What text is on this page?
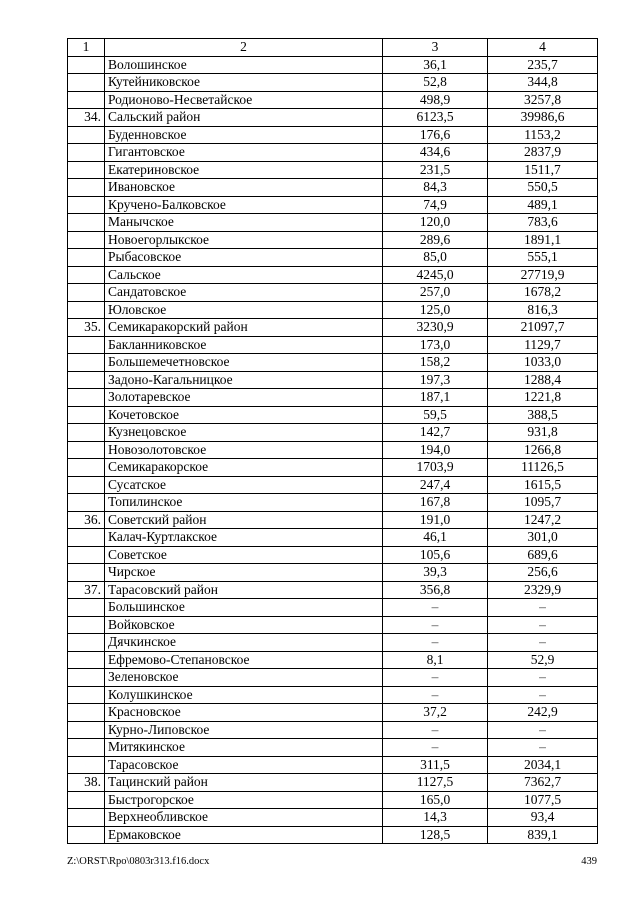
1	2	3	4
	Волошинское	36,1	235,7
	Кутейниковское	52,8	344,8
	Родионово-Несветайское	498,9	3257,8
34.	Сальский район	6123,5	39986,6
	Буденновское	176,6	1153,2
	Гигантовское	434,6	2837,9
	Екатериновское	231,5	1511,7
	Ивановское	84,3	550,5
	Кручено-Балковское	74,9	489,1
	Манычское	120,0	783,6
	Новоегорлыкское	289,6	1891,1
	Рыбасовское	85,0	555,1
	Сальское	4245,0	27719,9
	Сандатовское	257,0	1678,2
	Юловское	125,0	816,3
35.	Семикаракорский район	3230,9	21097,7
	Бакланниковское	173,0	1129,7
	Большемечетновское	158,2	1033,0
	Задоно-Кагальницкое	197,3	1288,4
	Золотаревское	187,1	1221,8
	Кочетовское	59,5	388,5
	Кузнецовское	142,7	931,8
	Новозолотовское	194,0	1266,8
	Семикаракорское	1703,9	11126,5
	Сусатское	247,4	1615,5
	Топилинское	167,8	1095,7
36.	Советский район	191,0	1247,2
	Калач-Куртлакское	46,1	301,0
	Советское	105,6	689,6
	Чирское	39,3	256,6
37.	Тарасовский район	356,8	2329,9
	Большинское	–	–
	Войковское	–	–
	Дячкинское	–	–
	Ефремово-Степановское	8,1	52,9
	Зеленовское	–	–
	Колушкинское	–	–
	Красновское	37,2	242,9
	Курно-Липовское	–	–
	Митякинское	–	–
	Тарасовское	311,5	2034,1
38.	Тацинский район	1127,5	7362,7
	Быстрогорское	165,0	1077,5
	Верхнеобливское	14,3	93,4
	Ермаковское	128,5	839,1
Z:\ORST\Rpo\0803r313.f16.docx	439
